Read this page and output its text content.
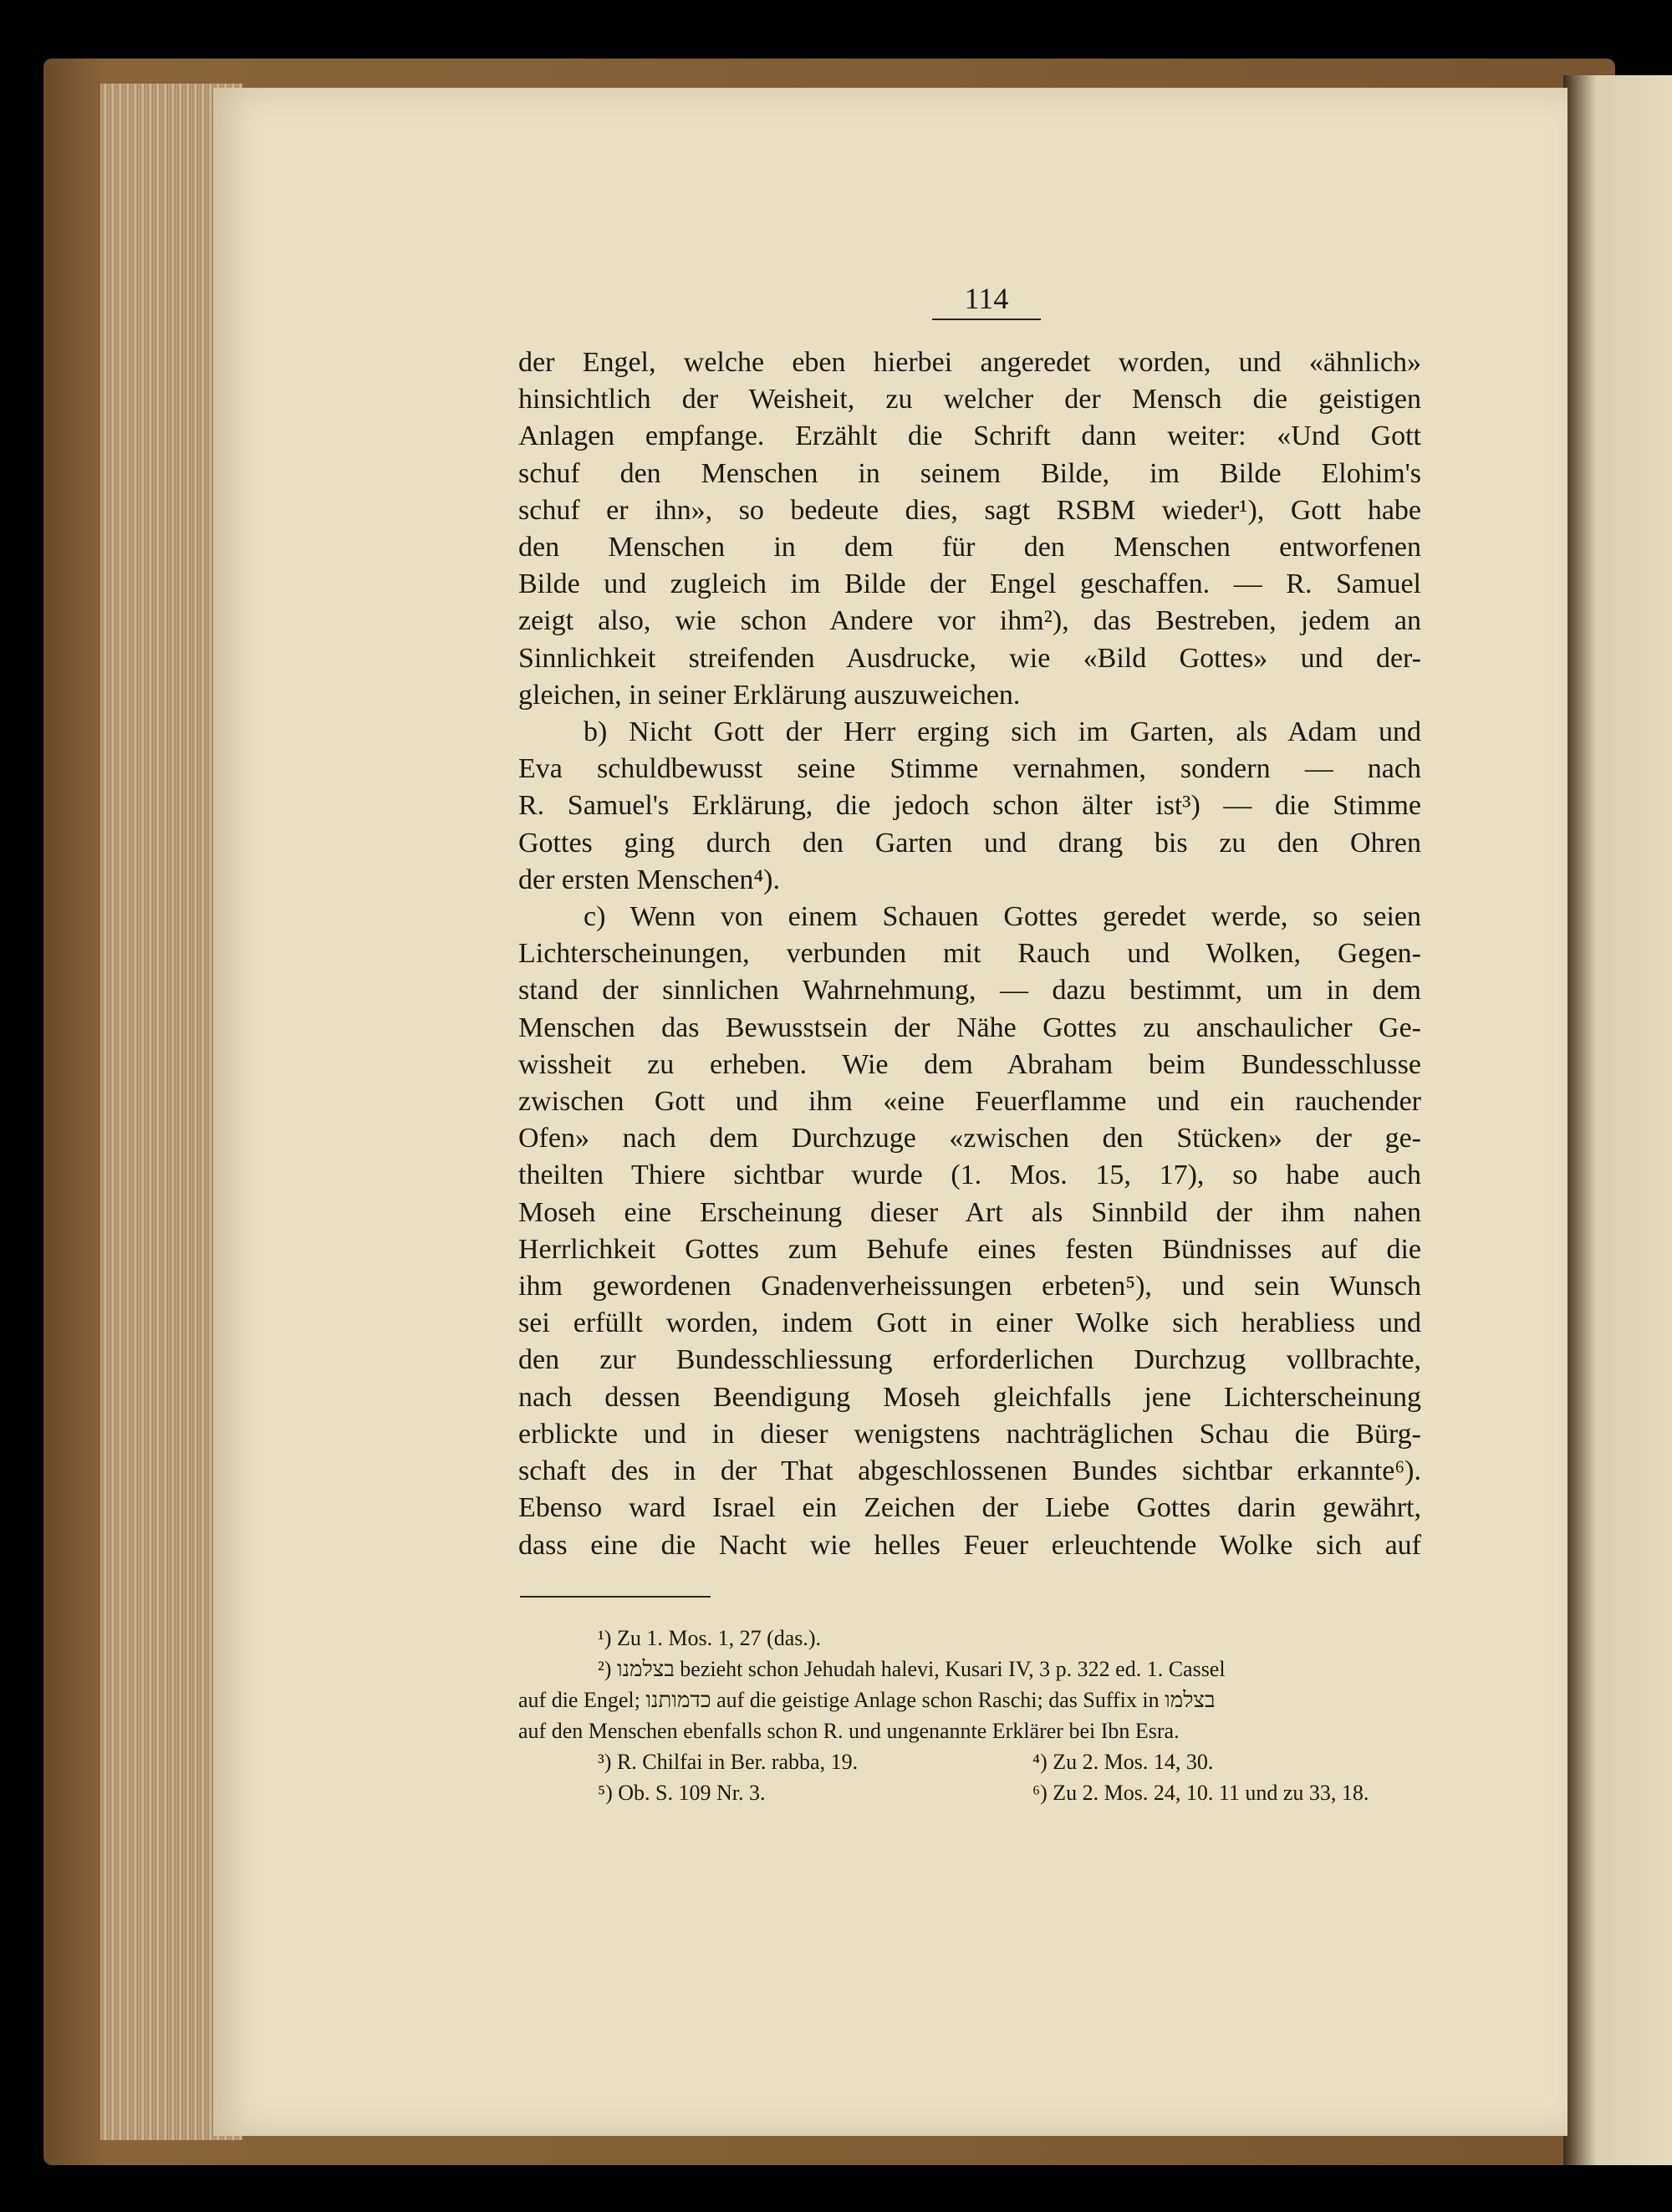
114
der Engel, welche eben hierbei angeredet worden, und «ähnlich»
hinsichtlich der Weisheit, zu welcher der Mensch die geistigen
Anlagen empfange. Erzählt die Schrift dann weiter: «Und Gott
schuf den Menschen in seinem Bilde, im Bilde Elohim's
schuf er ihn», so bedeute dies, sagt RSBM wieder¹), Gott habe
den Menschen in dem für den Menschen entworfenen
Bilde und zugleich im Bilde der Engel geschaffen. — R. Samuel
zeigt also, wie schon Andere vor ihm²), das Bestreben, jedem an
Sinnlichkeit streifenden Ausdrucke, wie «Bild Gottes» und der-
gleichen, in seiner Erklärung auszuweichen.
b) Nicht Gott der Herr erging sich im Garten, als Adam und
Eva schuldbewusst seine Stimme vernahmen, sondern — nach
R. Samuel's Erklärung, die jedoch schon älter ist³) — die Stimme
Gottes ging durch den Garten und drang bis zu den Ohren
der ersten Menschen⁴).
c) Wenn von einem Schauen Gottes geredet werde, so seien
Lichterscheinungen, verbunden mit Rauch und Wolken, Gegen-
stand der sinnlichen Wahrnehmung, — dazu bestimmt, um in dem
Menschen das Bewusstsein der Nähe Gottes zu anschaulicher Ge-
wissheit zu erheben. Wie dem Abraham beim Bundesschlusse
zwischen Gott und ihm «eine Feuerflamme und ein rauchender
Ofen» nach dem Durchzuge «zwischen den Stücken» der ge-
theilten Thiere sichtbar wurde (1. Mos. 15, 17), so habe auch
Moseh eine Erscheinung dieser Art als Sinnbild der ihm nahen
Herrlichkeit Gottes zum Behufe eines festen Bündnisses auf die
ihm gewordenen Gnadenverheissungen erbeten⁵), und sein Wunsch
sei erfüllt worden, indem Gott in einer Wolke sich herabliess und
den zur Bundesschliessung erforderlichen Durchzug vollbrachte,
nach dessen Beendigung Moseh gleichfalls jene Lichterscheinung
erblickte und in dieser wenigstens nachträglichen Schau die Bürg-
schaft des in der That abgeschlossenen Bundes sichtbar erkannte⁶).
Ebenso ward Israel ein Zeichen der Liebe Gottes darin gewährt,
dass eine die Nacht wie helles Feuer erleuchtende Wolke sich auf
¹) Zu 1. Mos. 1, 27 (das.).
²) בצלמנו bezieht schon Jehudah halevi, Kusari IV, 3 p. 322 ed. 1. Cassel
auf die Engel; כדמותנו auf die geistige Anlage schon Raschi; das Suffix in בצלמו
auf den Menschen ebenfalls schon R. und ungenannte Erklärer bei Ibn Esra.
³) R. Chilfai in Ber. rabba, 19.	⁴) Zu 2. Mos. 14, 30.
⁵) Ob. S. 109 Nr. 3.	⁶) Zu 2. Mos. 24, 10. 11 und zu 33, 18.
